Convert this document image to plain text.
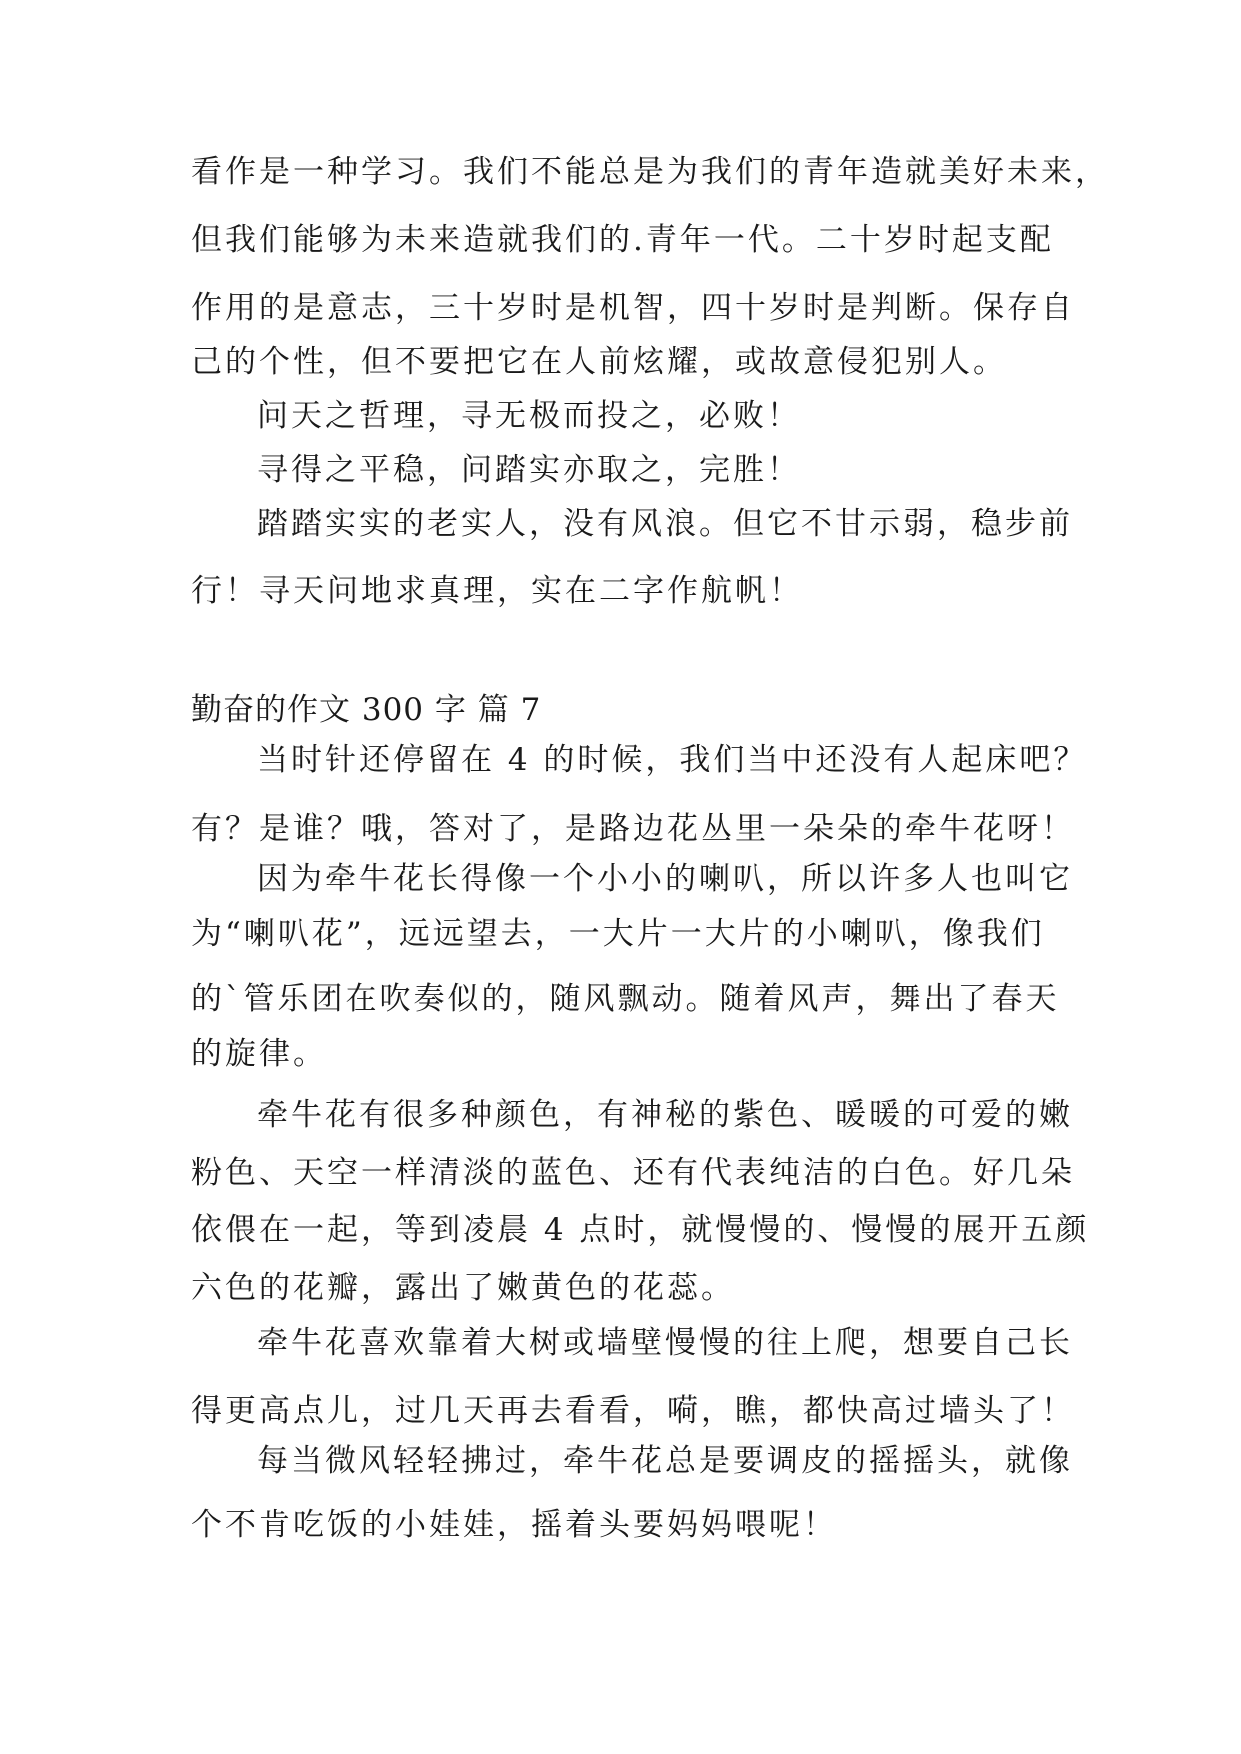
看作是一种学习。我们不能总是为我们的青年造就美好未来，
但我们能够为未来造就我们的.青年一代。二十岁时起支配
作用的是意志，三十岁时是机智，四十岁时是判断。保存自
己的个性，但不要把它在人前炫耀，或故意侵犯别人。
问天之哲理，寻无极而投之，必败！
寻得之平稳，问踏实亦取之，完胜！
踏踏实实的老实人，没有风浪。但它不甘示弱，稳步前
行！寻天问地求真理，实在二字作航帆！
勤奋的作文 300 字 篇 7
当时针还停留在 4 的时候，我们当中还没有人起床吧？
有？是谁？哦，答对了，是路边花丛里一朵朵的牵牛花呀！
因为牵牛花长得像一个小小的喇叭，所以许多人也叫它
为“喇叭花”，远远望去，一大片一大片的小喇叭，像我们
的`管乐团在吹奏似的，随风飘动。随着风声，舞出了春天
的旋律。
牵牛花有很多种颜色，有神秘的紫色、暖暖的可爱的嫩
粉色、天空一样清淡的蓝色、还有代表纯洁的白色。好几朵
依偎在一起，等到凌晨 4 点时，就慢慢的、慢慢的展开五颜
六色的花瓣，露出了嫩黄色的花蕊。
牵牛花喜欢靠着大树或墙壁慢慢的往上爬，想要自己长
得更高点儿，过几天再去看看，嗬，瞧，都快高过墙头了！
每当微风轻轻拂过，牵牛花总是要调皮的摇摇头，就像
个不肯吃饭的小娃娃，摇着头要妈妈喂呢！
